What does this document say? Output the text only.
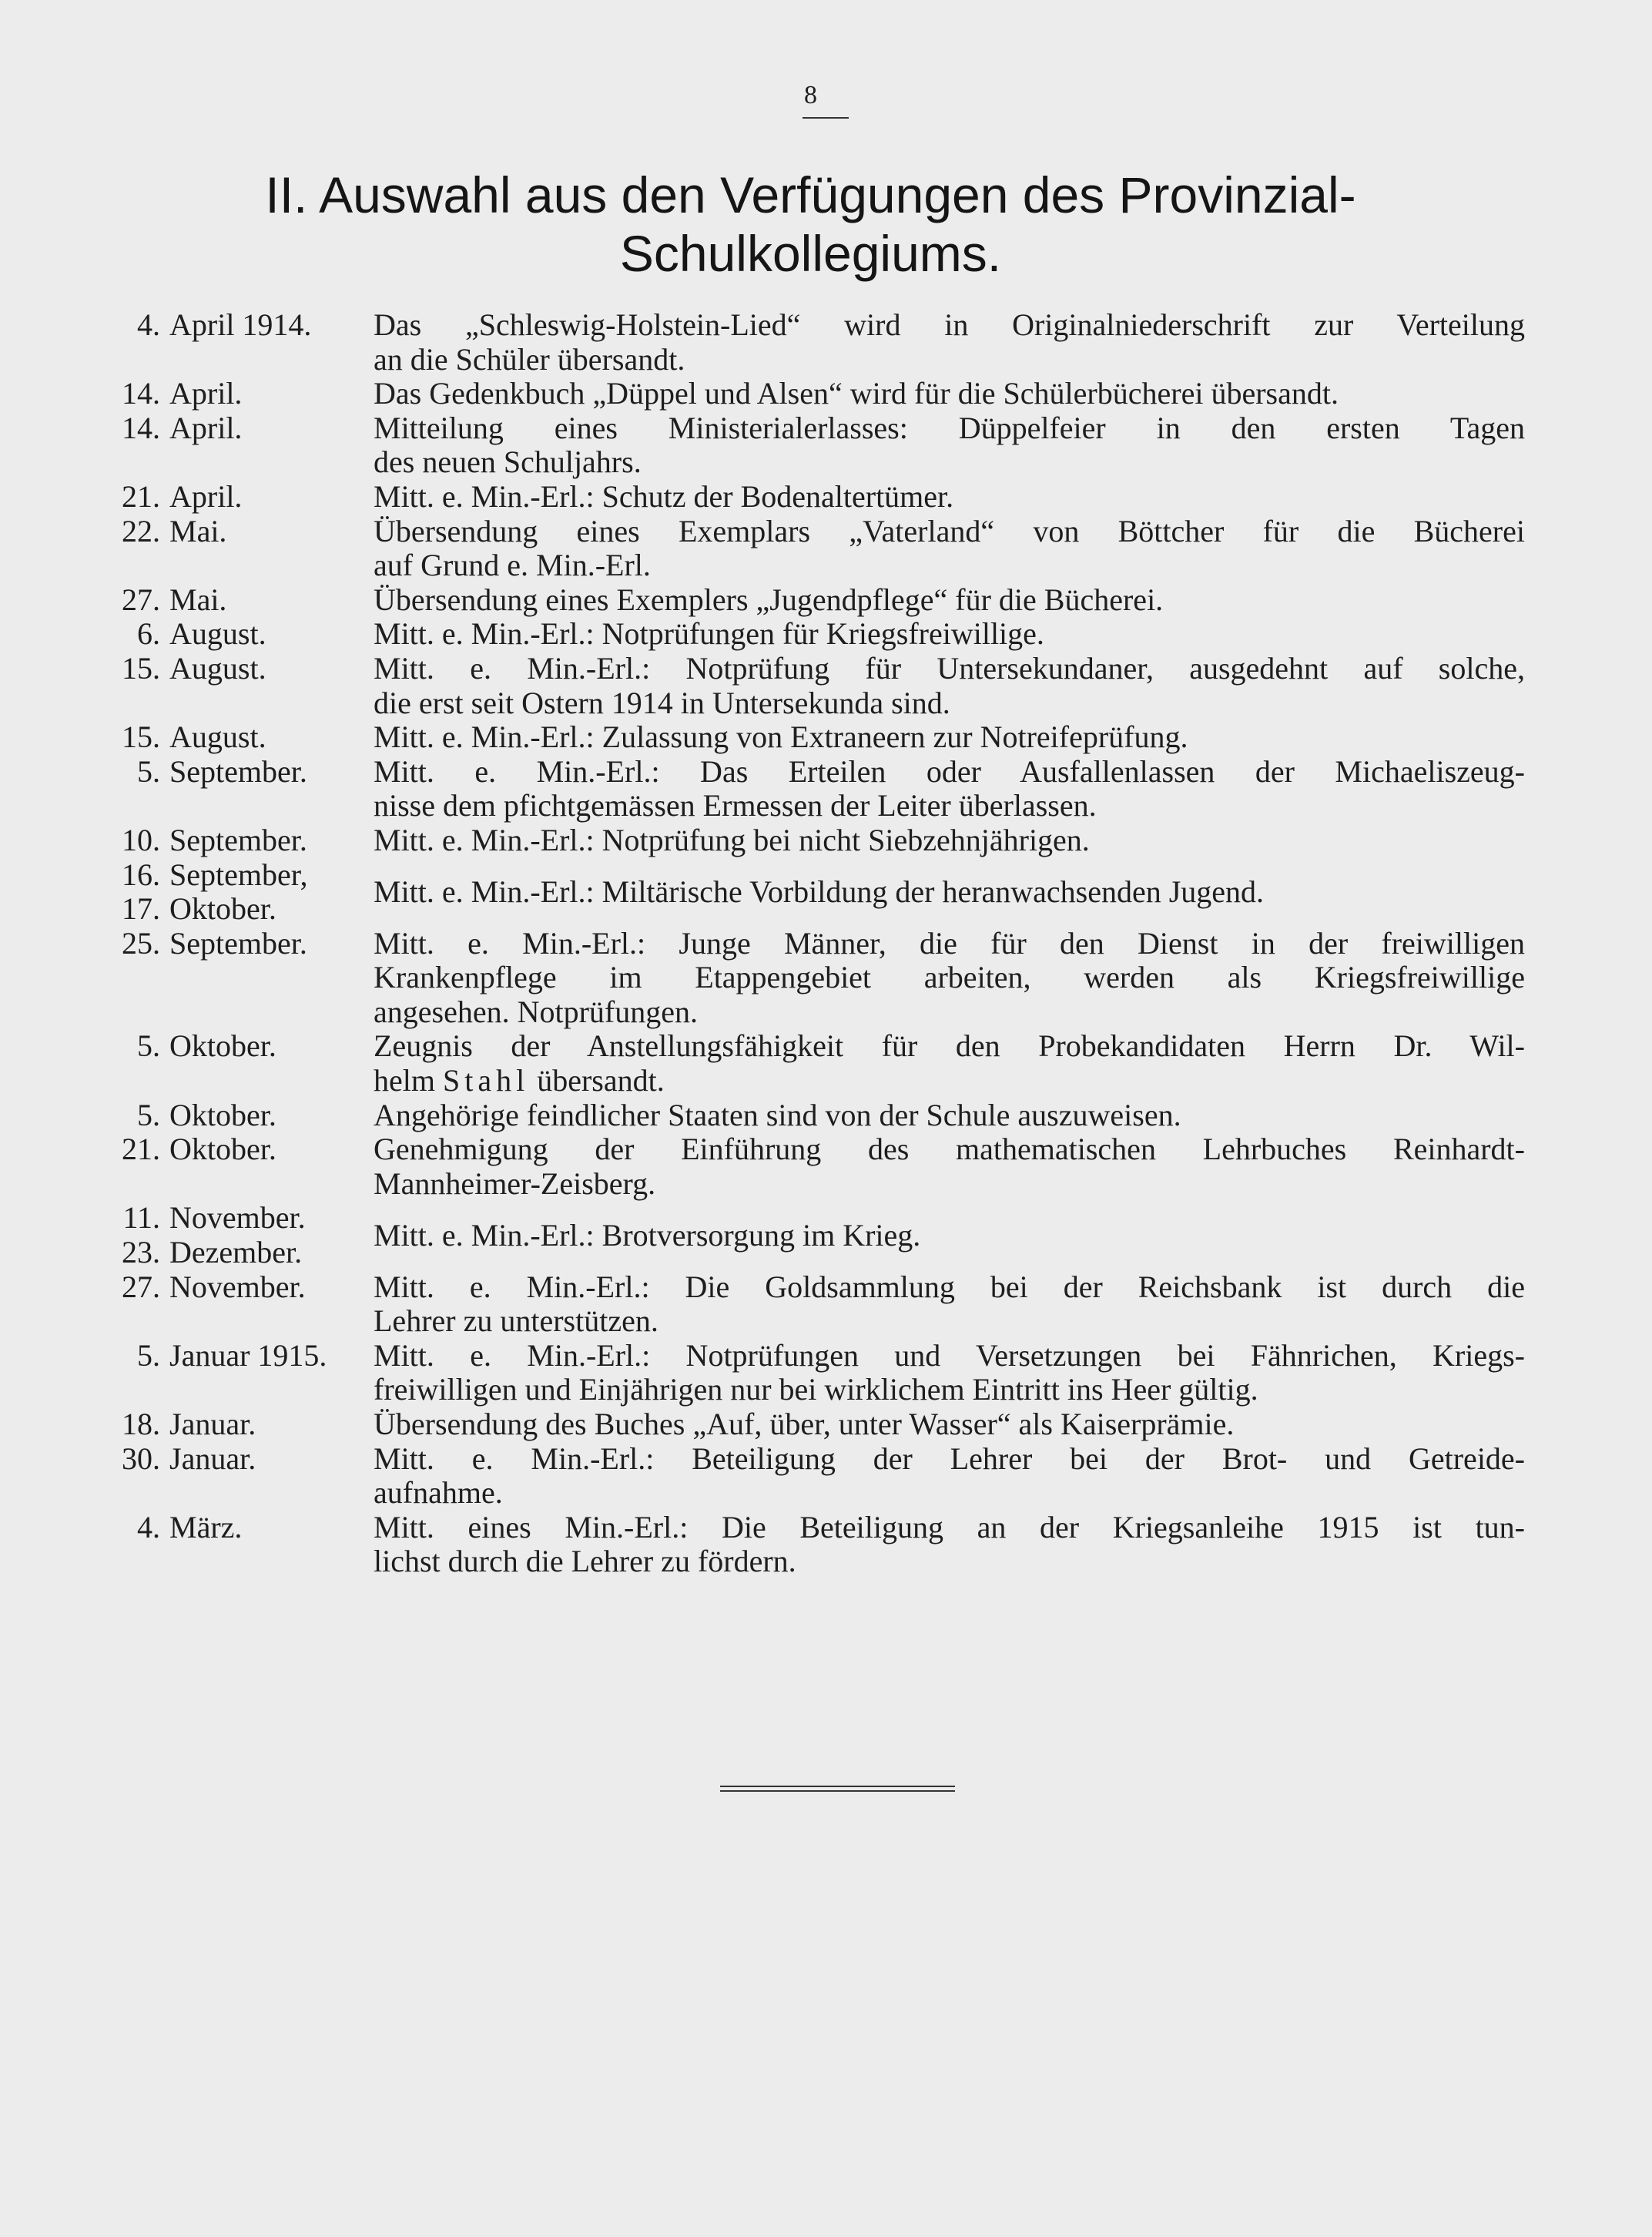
8
II. Auswahl aus den Verfügungen des Provinzial-
Schulkollegiums.
4. April 1914. Das „Schleswig-Holstein-Lied“ wird in Originalniederschrift zur Verteilung
an die Schüler übersandt.
14. April.	Das Gedenkbuch „Düppel und Alsen“ wird für die Schülerbücherei übersandt.
14. April.	Mitteilung eines Ministerialerlasses: Düppelfeier in den ersten Tagen
des neuen Schuljahrs.
21. April.	Mitt. e. Min.-Erl.: Schutz der Bodenaltertümer.
22. Mai.	Übersendung eines Exemplars „Vaterland“ von Böttcher für die Bücherei
auf Grund e. Min.-Erl.
27. Mai.	Übersendung eines Exemplers „Jugendpflege“ für die Bücherei.
6. August.	Mitt. e. Min.-Erl.: Notprüfungen für Kriegsfreiwillige.
15. August.	Mitt. e. Min.-Erl.: Notprüfung für Untersekundaner, ausgedehnt auf solche,
die erst seit Ostern 1914 in Untersekunda sind.
15. August.	Mitt. e. Min.-Erl.: Zulassung von Extraneern zur Notreifeprüfung.
5. September. Mitt. e. Min.-Erl.: Das Erteilen oder Ausfallenlassen der Michaeliszeug-
nisse dem pfichtgemässen Ermessen der Leiter überlassen.
10. September. Mitt. e. Min.-Erl.: Notprüfung bei nicht Siebzehnjährigen.
16. September,
17. Oktober.	Mitt. e. Min.-Erl.: Miltärische Vorbildung der heranwachsenden Jugend.
25. September. Mitt. e. Min.-Erl.: Junge Männer, die für den Dienst in der freiwilligen
Krankenpflege im Etappengebiet arbeiten, werden als Kriegsfreiwillige
angesehen. Notprüfungen.
5. Oktober.	Zeugnis der Anstellungsfähigkeit für den Probekandidaten Herrn Dr. Wil-
helm Stahl übersandt.
5. Oktober.	Angehörige feindlicher Staaten sind von der Schule auszuweisen.
21. Oktober.	Genehmigung der Einführung des mathematischen Lehrbuches Reinhardt-
Mannheimer-Zeisberg.
11. November.
23. Dezember. Mitt. e. Min.-Erl.: Brotversorgung im Krieg.
27. November. Mitt. e. Min.-Erl.: Die Goldsammlung bei der Reichsbank ist durch die
Lehrer zu unterstützen.
5. Januar 1915. Mitt. e. Min.-Erl.: Notprüfungen und Versetzungen bei Fähnrichen, Kriegs-
freiwilligen und Einjährigen nur bei wirklichem Eintritt ins Heer gültig.
18. Januar.	Übersendung des Buches „Auf, über, unter Wasser“ als Kaiserprämie.
30. Januar.	Mitt. e. Min.-Erl.: Beteiligung der Lehrer bei der Brot- und Getreide-
aufnahme.
4. März.	Mitt. eines Min.-Erl.: Die Beteiligung an der Kriegsanleihe 1915 ist tun-
lichst durch die Lehrer zu fördern.
